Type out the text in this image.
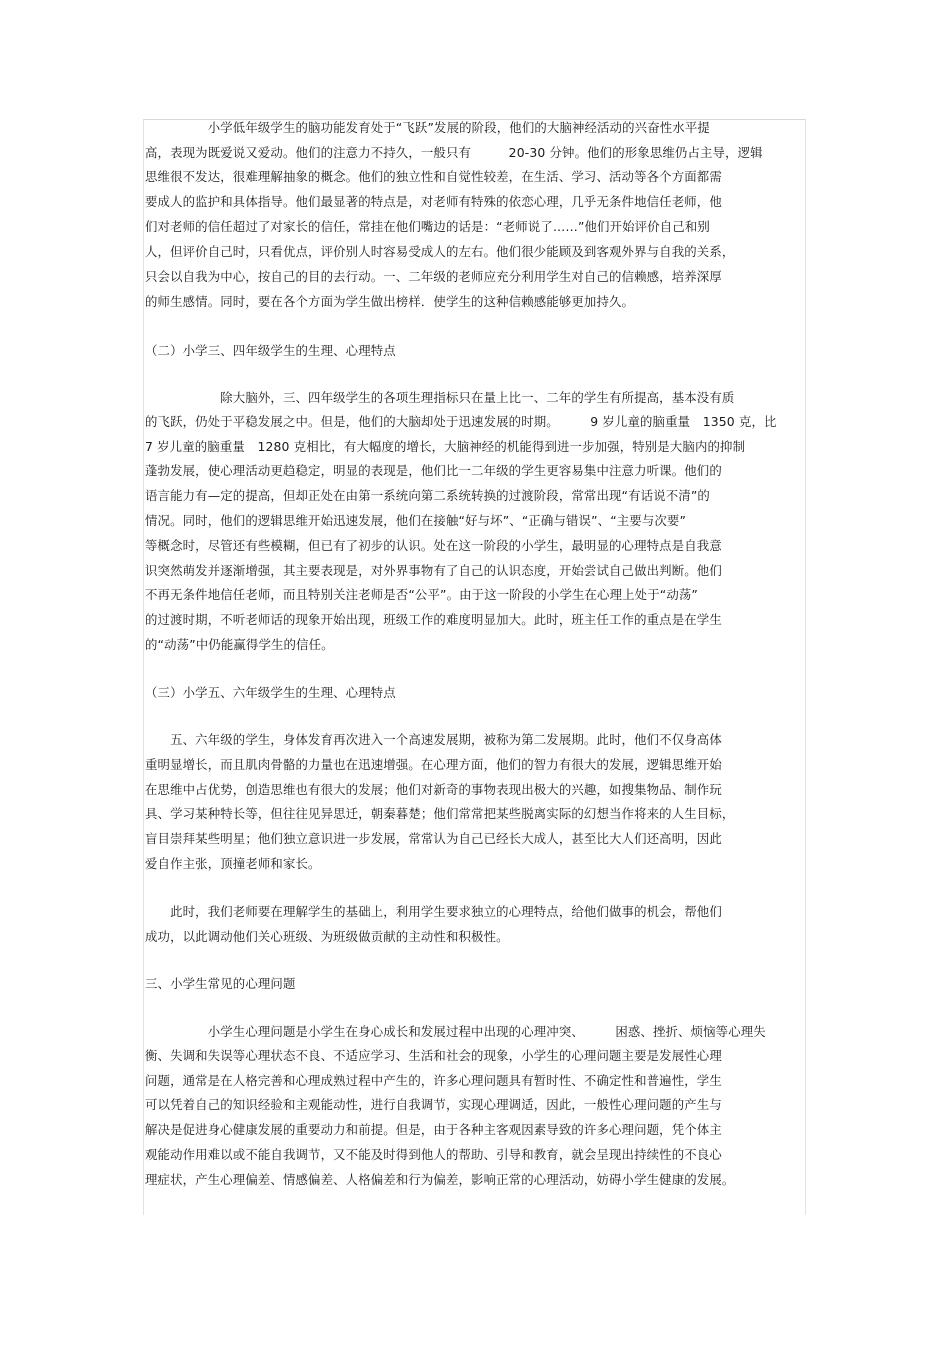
　　　　　小学低年级学生的脑功能发育处于“飞跃”发展的阶段，他们的大脑神经活动的兴奋性水平提
高，表现为既爱说又爱动。他们的注意力不持久，一般只有　　　20-30 分钟。他们的形象思维仍占主导，逻辑
思维很不发达，很难理解抽象的概念。他们的独立性和自觉性较差，在生活、学习、活动等各个方面都需
要成人的监护和具体指导。他们最显著的特点是，对老师有特殊的依恋心理，几乎无条件地信任老师，他
们对老师的信任超过了对家长的信任，常挂在他们嘴边的话是：“老师说了……”他们开始评价自己和别
人，但评价自己时，只看优点，评价别人时容易受成人的左右。他们很少能顾及到客观外界与自我的关系，
只会以自我为中心，按自己的目的去行动。一、二年级的老师应充分利用学生对自己的信赖感，培养深厚
的师生感情。同时，要在各个方面为学生做出榜样．使学生的这种信赖感能够更加持久。
（二）小学三、四年级学生的生理、心理特点
　　　　　　除大脑外，三、四年级学生的各项生理指标只在量上比一、二年的学生有所提高，基本没有质
的飞跃，仍处于平稳发展之中。但是，他们的大脑却处于迅速发展的时期。　　　9 岁儿童的脑重量　1350 克，比
7 岁儿童的脑重量　1280 克相比，有大幅度的增长，大脑神经的机能得到进一步加强，特别是大脑内的抑制
蓬勃发展，使心理活动更趋稳定，明显的表现是，他们比一二年级的学生更容易集中注意力听课。他们的
语言能力有—定的提高，但却正处在由第一系统向第二系统转换的过渡阶段，常常出现“有话说不清”的
情况。同时，他们的逻辑思维开始迅速发展，他们在接触“好与坏”、“正确与错误”、“主要与次要”
等概念时，尽管还有些模糊，但已有了初步的认识。处在这一阶段的小学生，最明显的心理特点是自我意
识突然萌发并逐渐增强，其主要表现是，对外界事物有了自己的认识态度，开始尝试自己做出判断。他们
不再无条件地信任老师，而且特别关注老师是否“公平”。由于这一阶段的小学生在心理上处于“动荡”
的过渡时期，不听老师话的现象开始出现，班级工作的难度明显加大。此时，班主任工作的重点是在学生
的“动荡”中仍能赢得学生的信任。
（三）小学五、六年级学生的生理、心理特点
　　五、六年级的学生，身体发育再次进入一个高速发展期，被称为第二发展期。此时，他们不仅身高体
重明显增长，而且肌肉骨骼的力量也在迅速增强。在心理方面，他们的智力有很大的发展，逻辑思维开始
在思维中占优势，创造思维也有很大的发展；他们对新奇的事物表现出极大的兴趣，如搜集物品、制作玩
具、学习某种特长等，但往往见异思迁，朝秦暮楚；他们常常把某些脱离实际的幻想当作将来的人生目标，
盲目崇拜某些明星；他们独立意识进一步发展，常常认为自己已经长大成人，甚至比大人们还高明，因此
爱自作主张，顶撞老师和家长。
　　此时，我们老师要在理解学生的基础上，利用学生要求独立的心理特点，给他们做事的机会，帮他们
成功，以此调动他们关心班级、为班级做贡献的主动性和积极性。
三、小学生常见的心理问题
　　　　　小学生心理问题是小学生在身心成长和发展过程中出现的心理冲突、　　　困惑、挫折、烦恼等心理失
衡、失调和失误等心理状态不良、不适应学习、生活和社会的现象，小学生的心理问题主要是发展性心理
问题，通常是在人格完善和心理成熟过程中产生的，许多心理问题具有暂时性、不确定性和普遍性，学生
可以凭着自己的知识经验和主观能动性，进行自我调节，实现心理调适，因此，一般性心理问题的产生与
解决是促进身心健康发展的重要动力和前提。但是，由于各种主客观因素导致的许多心理问题，凭个体主
观能动作用难以或不能自我调节，又不能及时得到他人的帮助、引导和教育，就会呈现出持续性的不良心
理症状，产生心理偏差、情感偏差、人格偏差和行为偏差，影响正常的心理活动，妨碍小学生健康的发展。
